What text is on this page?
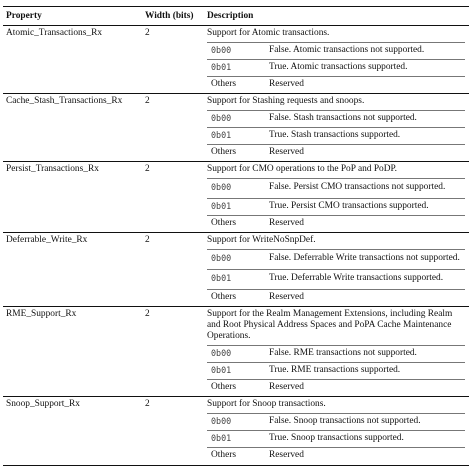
Property	Width (bits)	Description
Atomic_Transactions_Rx	2	Support for Atomic transactions.
0b00	False. Atomic transactions not supported.
0b01	True. Atomic transactions supported.
Others	Reserved
Cache_Stash_Transactions_Rx	2	Support for Stashing requests and snoops.
0b00	False. Stash transactions not supported.
0b01	True. Stash transactions supported.
Others	Reserved
Persist_Transactions_Rx	2	Support for CMO operations to the PoP and PoDP.
0b00	False. Persist CMO transactions not supported.
0b01	True. Persist CMO transactions supported.
Others	Reserved
Deferrable_Write_Rx	2	Support for WriteNoSnpDef.
0b00	False. Deferrable Write transactions not supported.
0b01	True. Deferrable Write transactions supported.
Others	Reserved
RME_Support_Rx	2	Support for the Realm Management Extensions, including Realm and Root Physical Address Spaces and PoPA Cache Maintenance Operations.
0b00	False. RME transactions not supported.
0b01	True. RME transactions supported.
Others	Reserved
Snoop_Support_Rx	2	Support for Snoop transactions.
0b00	False. Snoop transactions not supported.
0b01	True. Snoop transactions supported.
Others	Reserved
